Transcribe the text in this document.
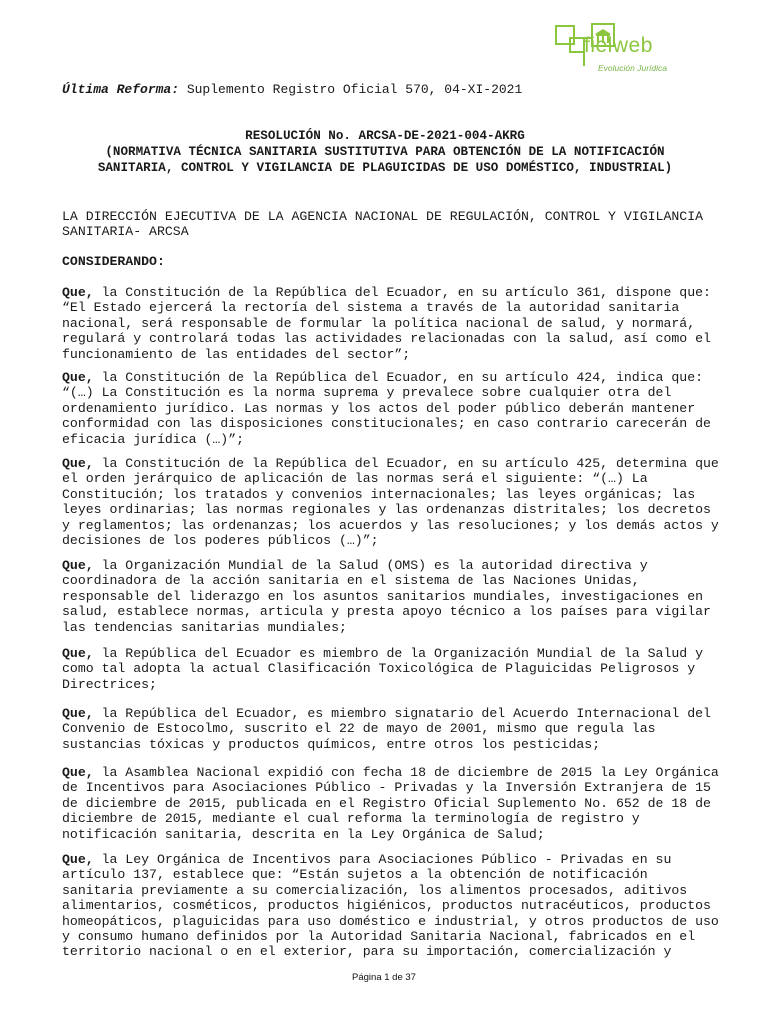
fielweb
Evolución Jurídica
Última Reforma: Suplemento Registro Oficial 570, 04-XI-2021
RESOLUCIÓN No. ARCSA-DE-2021-004-AKRG
(NORMATIVA TÉCNICA SANITARIA SUSTITUTIVA PARA OBTENCIÓN DE LA NOTIFICACIÓN
SANITARIA, CONTROL Y VIGILANCIA DE PLAGUICIDAS DE USO DOMÉSTICO, INDUSTRIAL)
LA DIRECCIÓN EJECUTIVA DE LA AGENCIA NACIONAL DE REGULACIÓN, CONTROL Y VIGILANCIA
SANITARIA- ARCSA
CONSIDERANDO:
Que, la Constitución de la República del Ecuador, en su artículo 361, dispone que:
“El Estado ejercerá la rectoría del sistema a través de la autoridad sanitaria
nacional, será responsable de formular la política nacional de salud, y normará,
regulará y controlará todas las actividades relacionadas con la salud, así como el
funcionamiento de las entidades del sector”;
Que, la Constitución de la República del Ecuador, en su artículo 424, indica que:
“(…) La Constitución es la norma suprema y prevalece sobre cualquier otra del
ordenamiento jurídico. Las normas y los actos del poder público deberán mantener
conformidad con las disposiciones constitucionales; en caso contrario carecerán de
eficacia jurídica (…)”;
Que, la Constitución de la República del Ecuador, en su artículo 425, determina que
el orden jerárquico de aplicación de las normas será el siguiente: “(…) La
Constitución; los tratados y convenios internacionales; las leyes orgánicas; las
leyes ordinarias; las normas regionales y las ordenanzas distritales; los decretos
y reglamentos; las ordenanzas; los acuerdos y las resoluciones; y los demás actos y
decisiones de los poderes públicos (…)”;
Que, la Organización Mundial de la Salud (OMS) es la autoridad directiva y
coordinadora de la acción sanitaria en el sistema de las Naciones Unidas,
responsable del liderazgo en los asuntos sanitarios mundiales, investigaciones en
salud, establece normas, articula y presta apoyo técnico a los países para vigilar
las tendencias sanitarias mundiales;
Que, la República del Ecuador es miembro de la Organización Mundial de la Salud y
como tal adopta la actual Clasificación Toxicológica de Plaguicidas Peligrosos y
Directrices;
Que, la República del Ecuador, es miembro signatario del Acuerdo Internacional del
Convenio de Estocolmo, suscrito el 22 de mayo de 2001, mismo que regula las
sustancias tóxicas y productos químicos, entre otros los pesticidas;
Que, la Asamblea Nacional expidió con fecha 18 de diciembre de 2015 la Ley Orgánica
de Incentivos para Asociaciones Público - Privadas y la Inversión Extranjera de 15
de diciembre de 2015, publicada en el Registro Oficial Suplemento No. 652 de 18 de
diciembre de 2015, mediante el cual reforma la terminología de registro y
notificación sanitaria, descrita en la Ley Orgánica de Salud;
Que, la Ley Orgánica de Incentivos para Asociaciones Público - Privadas en su
artículo 137, establece que: “Están sujetos a la obtención de notificación
sanitaria previamente a su comercialización, los alimentos procesados, aditivos
alimentarios, cosméticos, productos higiénicos, productos nutracéuticos, productos
homeopáticos, plaguicidas para uso doméstico e industrial, y otros productos de uso
y consumo humano definidos por la Autoridad Sanitaria Nacional, fabricados en el
territorio nacional o en el exterior, para su importación, comercialización y
Página 1 de 37
